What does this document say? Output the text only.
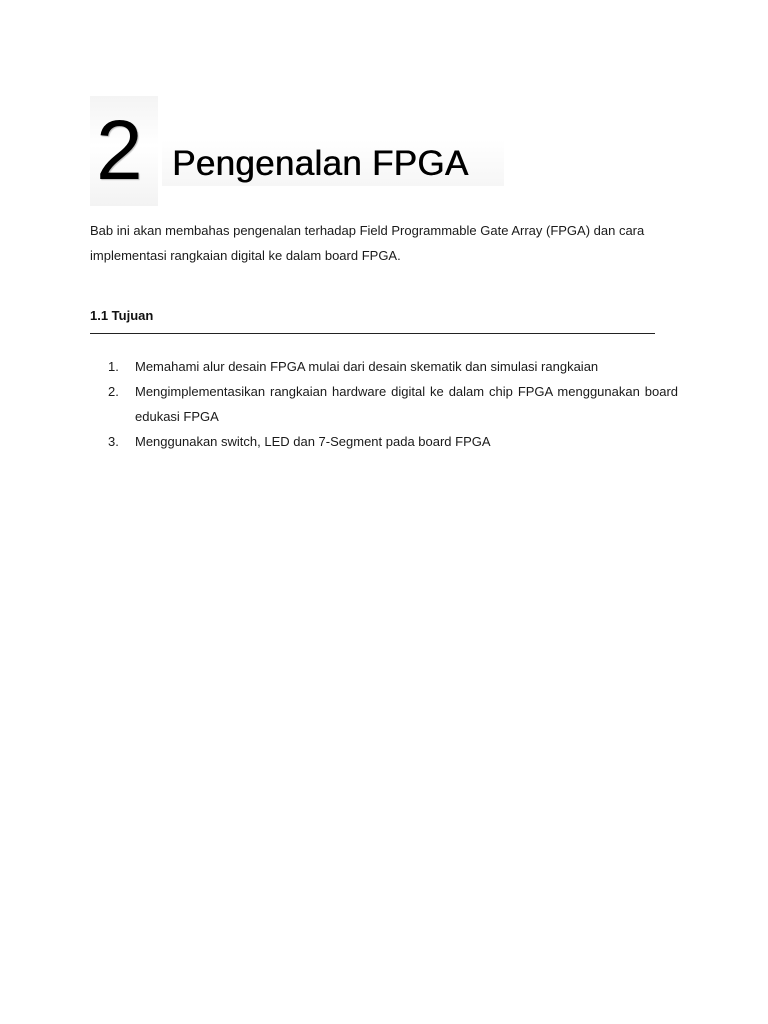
2 Pengenalan FPGA

Bab ini akan membahas pengenalan terhadap Field Programmable Gate Array (FPGA) dan cara implementasi rangkaian digital ke dalam board FPGA.

1.1 Tujuan
1.	Memahami alur desain FPGA mulai dari desain skematik dan simulasi rangkaian
2.	Mengimplementasikan rangkaian hardware digital ke dalam chip FPGA menggunakan board edukasi FPGA
3.	Menggunakan switch, LED dan 7-Segment pada board FPGA
